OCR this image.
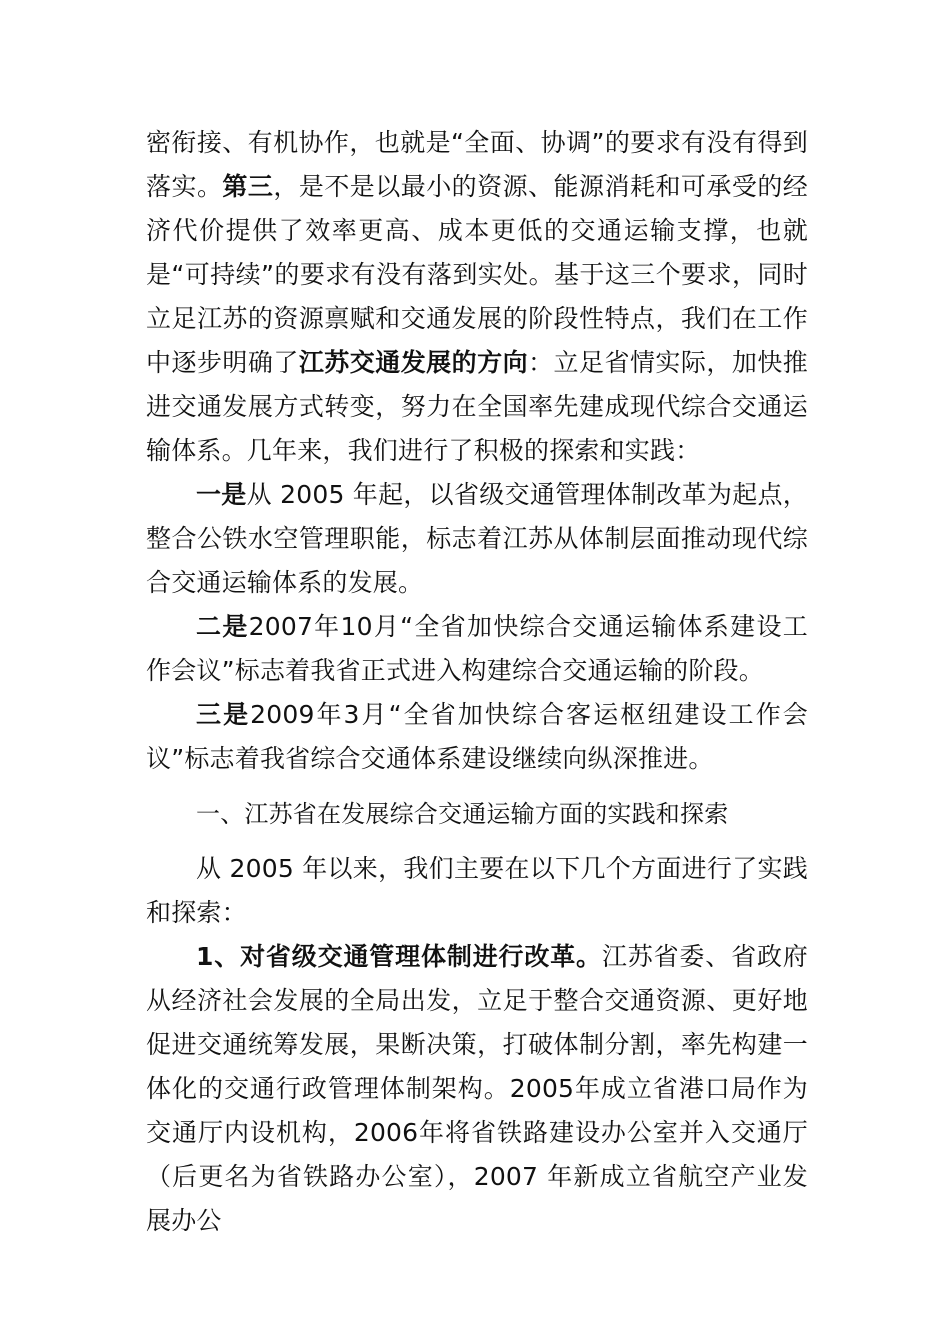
密衔接、有机协作，也就是“全面、协调”的要求有没有得到落实。第三，是不是以最小的资源、能源消耗和可承受的经济代价提供了效率更高、成本更低的交通运输支撑，也就是“可持续”的要求有没有落到实处。基于这三个要求，同时立足江苏的资源禀赋和交通发展的阶段性特点，我们在工作中逐步明确了江苏交通发展的方向：立足省情实际，加快推进交通发展方式转变，努力在全国率先建成现代综合交通运输体系。几年来，我们进行了积极的探索和实践：

一是从 2005 年起，以省级交通管理体制改革为起点，整合公铁水空管理职能，标志着江苏从体制层面推动现代综合交通运输体系的发展。

二是2007年10月“全省加快综合交通运输体系建设工作会议”标志着我省正式进入构建综合交通运输的阶段。

三是2009年3月“全省加快综合客运枢纽建设工作会议”标志着我省综合交通体系建设继续向纵深推进。

一、江苏省在发展综合交通运输方面的实践和探索

从 2005 年以来，我们主要在以下几个方面进行了实践和探索：

1、对省级交通管理体制进行改革。江苏省委、省政府从经济社会发展的全局出发，立足于整合交通资源、更好地促进交通统筹发展，果断决策，打破体制分割，率先构建一体化的交通行政管理体制架构。2005年成立省港口局作为交通厅内设机构，2006年将省铁路建设办公室并入交通厅（后更名为省铁路办公室），2007 年新成立省航空产业发展办公
